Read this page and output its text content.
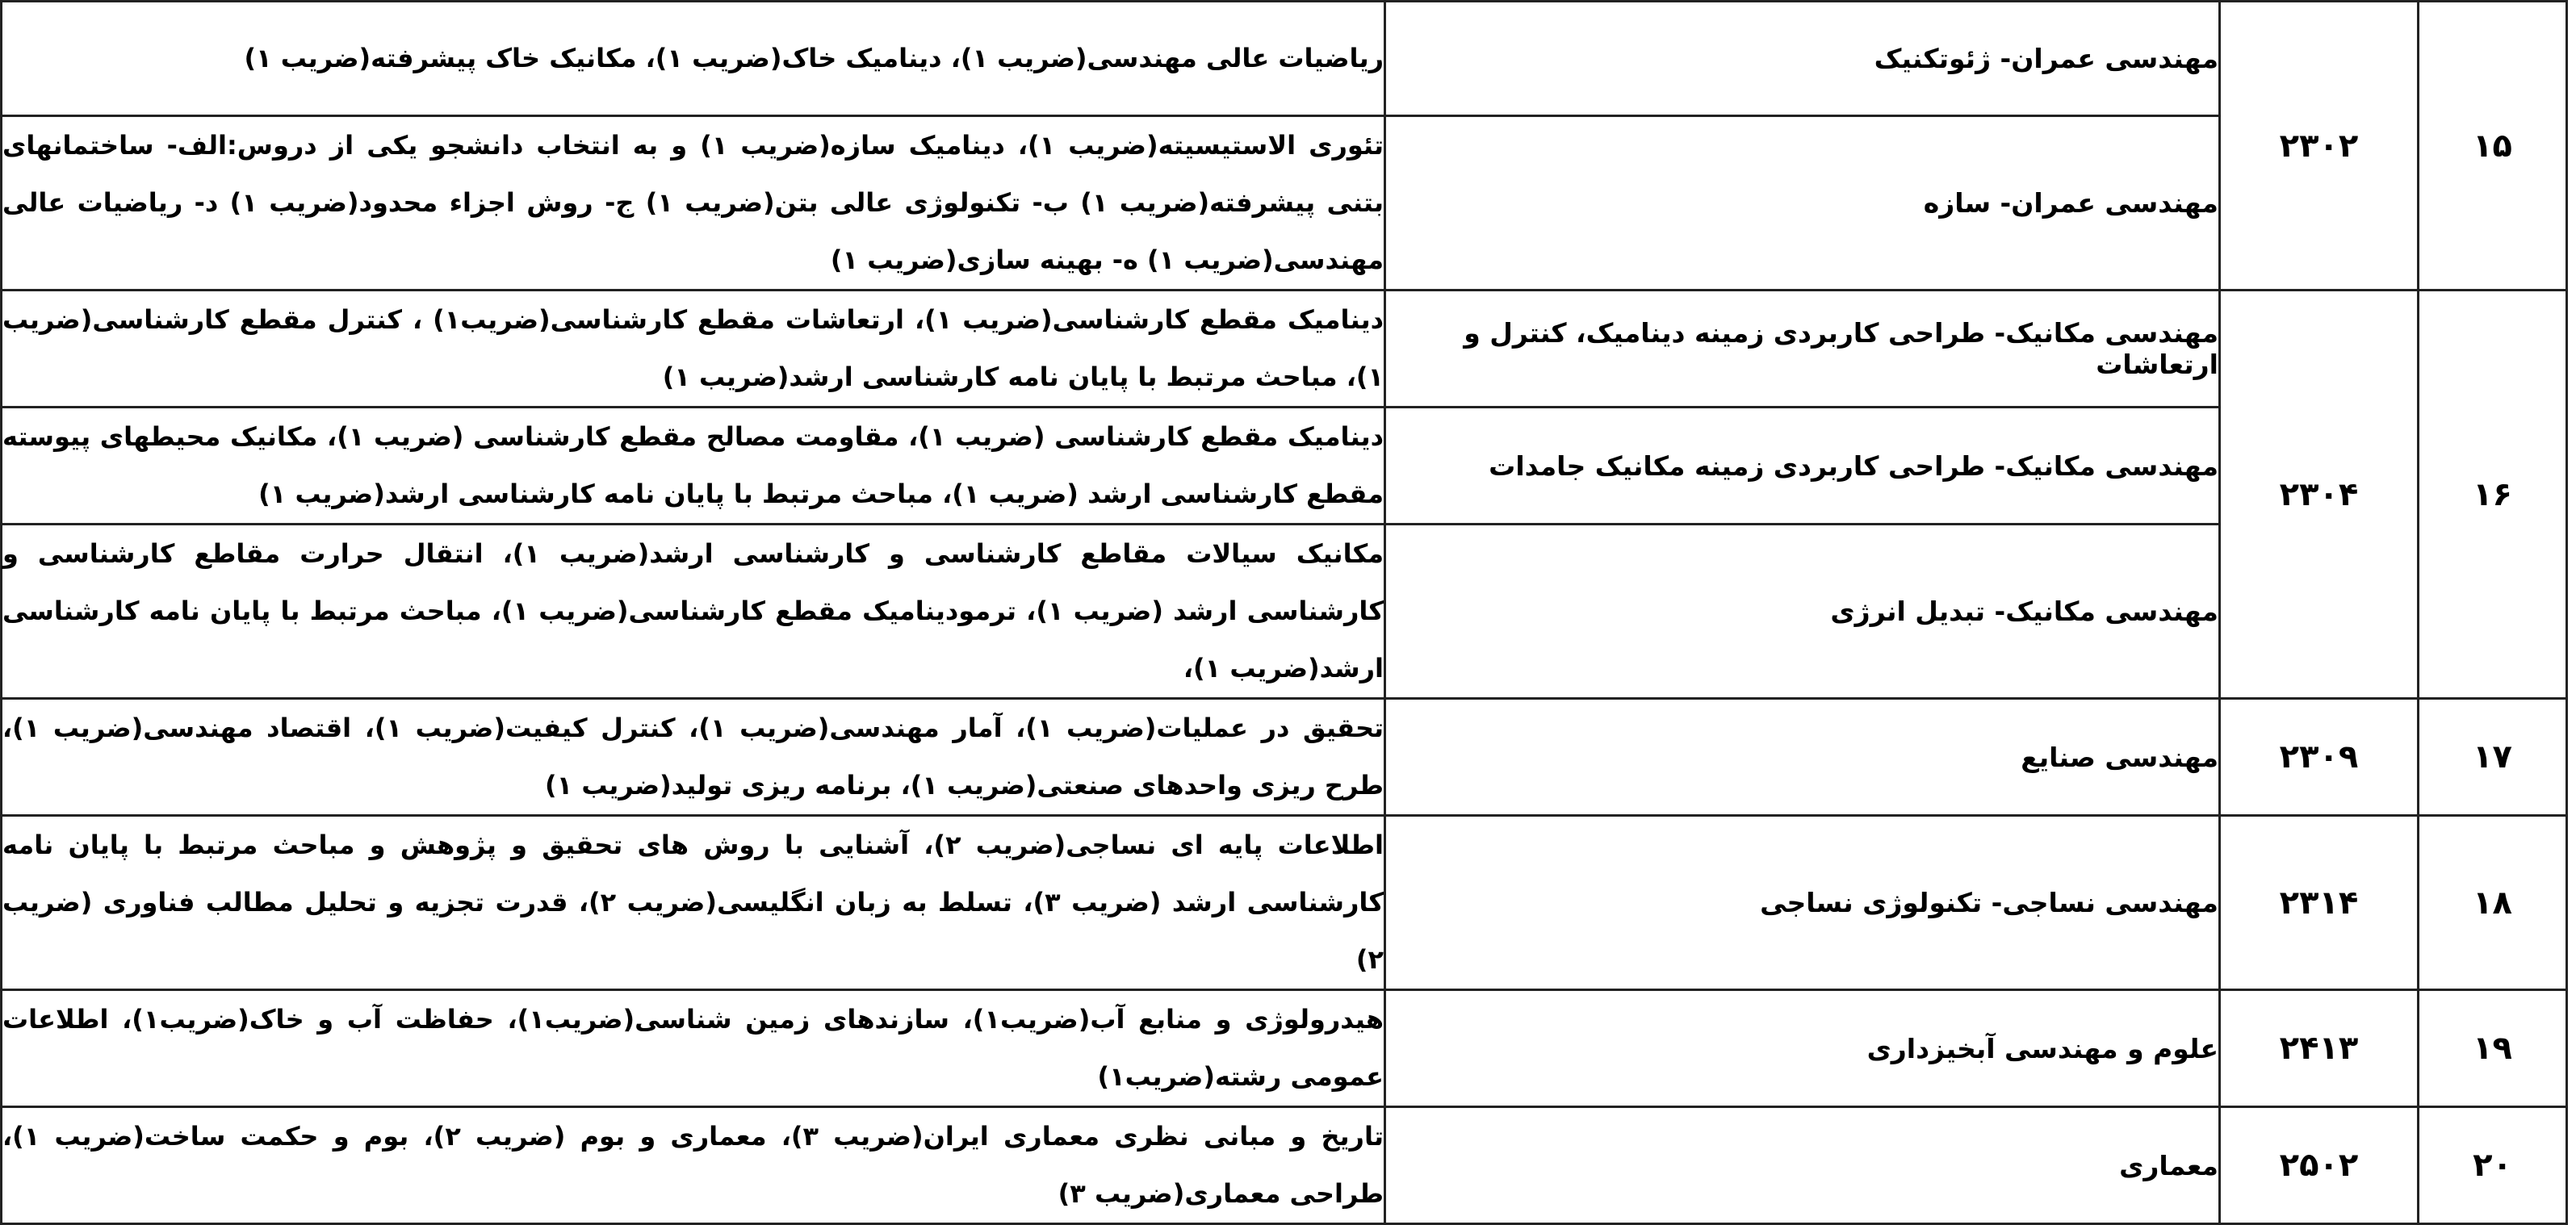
۱۵	۲۳۰۲	مهندسی عمران- ژئوتکنیک	ریاضیات عالی مهندسی(ضریب ۱)، دینامیک خاک(ضریب ۱)، مکانیک خاک پیشرفته(ضریب ۱)
		مهندسی عمران- سازه	تئوری الاستیسیته(ضریب ۱)، دینامیک سازه(ضریب ۱) و به انتخاب دانشجو یکی از دروس:الف- ساختمانهای بتنی پیشرفته(ضریب ۱) ب- تکنولوژی عالی بتن(ضریب ۱) ج- روش اجزاء محدود(ضریب ۱) د- ریاضیات عالی مهندسی(ضریب ۱) ه- بهینه سازی(ضریب ۱)
۱۶	۲۳۰۴	مهندسی مکانیک- طراحی کاربردی زمینه دینامیک، کنترل و ارتعاشات	دینامیک مقطع کارشناسی(ضریب ۱)، ارتعاشات مقطع کارشناسی(ضریب۱) ، کنترل مقطع کارشناسی(ضریب ۱)، مباحث مرتبط با پایان نامه کارشناسی ارشد(ضریب ۱)
		مهندسی مکانیک- طراحی کاربردی زمینه مکانیک جامدات	دینامیک مقطع کارشناسی (ضریب ۱)، مقاومت مصالح مقطع کارشناسی (ضریب ۱)، مکانیک محیطهای پیوسته مقطع کارشناسی ارشد (ضریب ۱)، مباحث مرتبط با پایان نامه کارشناسی ارشد(ضریب ۱)
		مهندسی مکانیک- تبدیل انرژی	مکانیک سیالات مقاطع کارشناسی و کارشناسی ارشد(ضریب ۱)، انتقال حرارت مقاطع کارشناسی و کارشناسی ارشد (ضریب ۱)، ترمودینامیک مقطع کارشناسی(ضریب ۱)، مباحث مرتبط با پایان نامه کارشناسی ارشد(ضریب ۱)،
۱۷	۲۳۰۹	مهندسی صنایع	تحقیق در عملیات(ضریب ۱)، آمار مهندسی(ضریب ۱)، کنترل کیفیت(ضریب ۱)، اقتصاد مهندسی(ضریب ۱)، طرح ریزی واحدهای صنعتی(ضریب ۱)، برنامه ریزی تولید(ضریب ۱)
۱۸	۲۳۱۴	مهندسی نساجی- تکنولوژی نساجی	اطلاعات پایه ای نساجی(ضریب ۲)، آشنایی با روش های تحقیق و پژوهش و مباحث مرتبط با پایان نامه کارشناسی ارشد (ضریب ۳)، تسلط به زبان انگلیسی(ضریب ۲)، قدرت تجزیه و تحلیل مطالب فناوری (ضریب ۲)
۱۹	۲۴۱۳	علوم و مهندسی آبخیزداری	هیدرولوژی و منابع آب(ضریب۱)، سازندهای زمین شناسی(ضریب۱)، حفاظت آب و خاک(ضریب۱)، اطلاعات عمومی رشته(ضریب۱)
۲۰	۲۵۰۲	معماری	تاریخ و مبانی نظری معماری ایران(ضریب ۳)، معماری و بوم (ضریب ۲)، بوم و حکمت ساخت(ضریب ۱)، طراحی معماری(ضریب ۳)
